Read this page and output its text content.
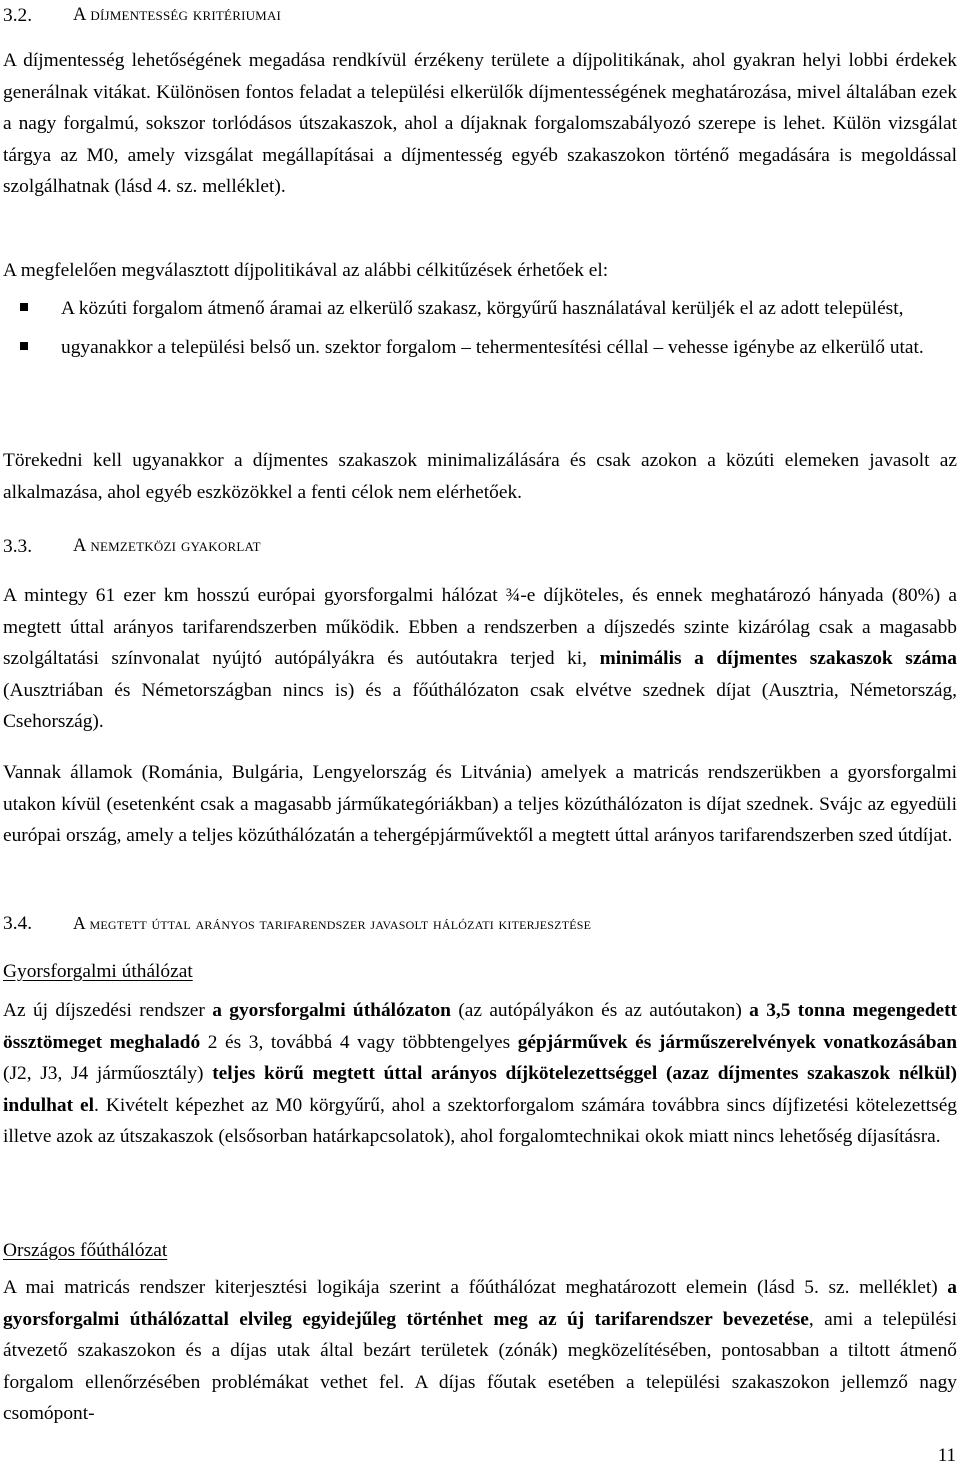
3.2. A díjmentesség kritériumai

A díjmentesség lehetőségének megadása rendkívül érzékeny területe a díjpolitikának, ahol gyakran helyi lobbi érdekek generálnak vitákat. Különösen fontos feladat a települési elkerülők díjmentességének meghatározása, mivel általában ezek a nagy forgalmú, sokszor torlódásos útszakaszok, ahol a díjaknak forgalomszabályozó szerepe is lehet. Külön vizsgálat tárgya az M0, amely vizsgálat megállapításai a díjmentesség egyéb szakaszokon történő megadására is megoldással szolgálhatnak (lásd 4. sz. melléklet).

A megfelelően megválasztott díjpolitikával az alábbi célkitűzések érhetőek el:

A közúti forgalom átmenő áramai az elkerülő szakasz, körgyűrű használatával kerüljék el az adott települést,
ugyanakkor a települési belső un. szektor forgalom – tehermentesítési céllal – vehesse igénybe az elkerülő utat.

Törekedni kell ugyanakkor a díjmentes szakaszok minimalizálására és csak azokon a közúti elemeken javasolt az alkalmazása, ahol egyéb eszközökkel a fenti célok nem elérhetőek.

3.3. A nemzetközi gyakorlat

A mintegy 61 ezer km hosszú európai gyorsforgalmi hálózat ¾-e díjköteles, és ennek meghatározó hányada (80%) a megtett úttal arányos tarifarendszerben működik. Ebben a rendszerben a díjszedés szinte kizárólag csak a magasabb szolgáltatási színvonalat nyújtó autópályákra és autóutakra terjed ki, minimális a díjmentes szakaszok száma (Ausztriában és Németországban nincs is) és a főúthálózaton csak elvétve szednek díjat (Ausztria, Németország, Csehország).

Vannak államok (Románia, Bulgária, Lengyelország és Litvánia) amelyek a matricás rendszerükben a gyorsforgalmi utakon kívül (esetenként csak a magasabb járműkategóriákban) a teljes közúthálózaton is díjat szednek. Svájc az egyedüli európai ország, amely a teljes közúthálózatán a tehergépjárművektől a megtett úttal arányos tarifarendszerben szed útdíjat.

3.4. A megtett úttal arányos tarifarendszer javasolt hálózati kiterjesztése
Gyorsforgalmi úthálózat

Az új díjszedési rendszer a gyorsforgalmi úthálózaton (az autópályákon és az autóutakon) a 3,5 tonna megengedett össztömeget meghaladó 2 és 3, továbbá 4 vagy többtengelyes gépjárművek és járműszerelvények vonatkozásában (J2, J3, J4 járműosztály) teljes körű megtett úttal arányos díjkötelezettséggel (azaz díjmentes szakaszok nélkül) indulhat el. Kivételt képezhet az M0 körgyűrű, ahol a szektorforgalom számára továbbra sincs díjfizetési kötelezettség illetve azok az útszakaszok (elsősorban határkapcsolatok), ahol forgalomtechnikai okok miatt nincs lehetőség díjasításra.

Országos főúthálózat

A mai matricás rendszer kiterjesztési logikája szerint a főúthálózat meghatározott elemein (lásd 5. sz. melléklet) a gyorsforgalmi úthálózattal elvileg egyidejűleg történhet meg az új tarifarendszer bevezetése, ami a települési átvezető szakaszokon és a díjas utak által bezárt területek (zónák) megközelítésében, pontosabban a tiltott átmenő forgalom ellenőrzésében problémákat vethet fel. A díjas főutak esetében a települési szakaszokon jellemző nagy csomópont-

11
